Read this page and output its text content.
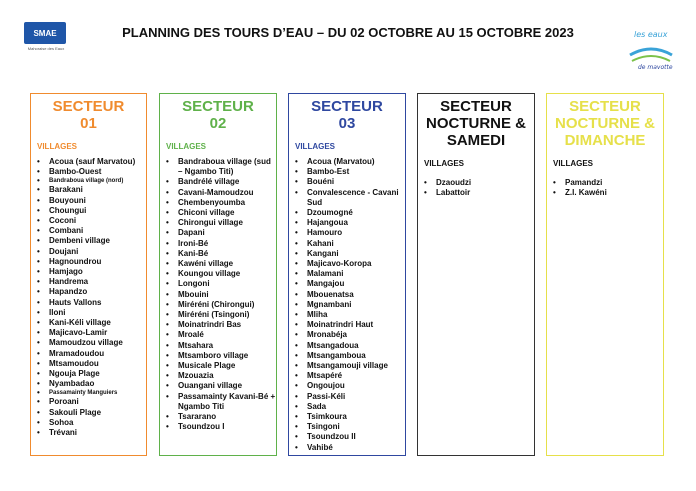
SMAE
Mahoraise des Eaux
PLANNING DES TOURS D’EAU – DU 02 OCTOBRE AU 15 OCTOBRE 2023	les eaux
de mayotte
SECTEUR
01
VILLAGES
• Acoua (sauf Marvatou)
• Bambo-Ouest
• Bandraboua village (nord)
• Barakani
• Bouyouni
• Choungui
• Coconi
• Combani
• Dembeni village
• Doujani
• Hagnoundrou
• Hamjago
• Handrema
• Hapandzo
• Hauts Vallons
• Iloni
• Kani-Kéli village
• Majicavo-Lamir
• Mamoudzou village
• Mramadoudou
• Mtsamoudou
• Ngouja Plage
• Nyambadao
• Passamainty Manguiers
• Poroani
• Sakouli Plage
• Sohoa
• Trévani
SECTEUR
02
VILLAGES
• Bandraboua village (sud – Ngambo Titi)
• Bandrélé village
• Cavani-Mamoudzou
• Chembenyoumba
• Chiconi village
• Chirongui village
• Dapani
• Ironi-Bé
• Kani-Bé
• Kawéni village
• Koungou village
• Longoni
• Mbouini
• Miréréni (Chirongui)
• Miréréni (Tsingoni)
• Moinatrindri Bas
• Mroalé
• Mtsahara
• Mtsamboro village
• Musicale Plage
• Mzouazia
• Ouangani village
• Passamainty Kavani-Bé + Ngambo Titi
• Tsararano
• Tsoundzou I
SECTEUR
03
VILLAGES
• Acoua (Marvatou)
• Bambo-Est
• Bouéni
• Convalescence - Cavani Sud
• Dzoumogné
• Hajangoua
• Hamouro
• Kahani
• Kangani
• Majicavo-Koropa
• Malamani
• Mangajou
• Mbouenatsa
• Mgnambani
• Mliha
• Moinatrindri Haut
• Mronabéja
• Mtsangadoua
• Mtsangamboua
• Mtsangamouji village
• Mtsapéré
• Ongoujou
• Passi-Kéli
• Sada
• Tsimkoura
• Tsingoni
• Tsoundzou II
• Vahibé
SECTEUR
NOCTURNE &
SAMEDI
VILLAGES
• Dzaoudzi
• Labattoir
SECTEUR
NOCTURNE &
DIMANCHE
VILLAGES
• Pamandzi
• Z.I. Kawéni
